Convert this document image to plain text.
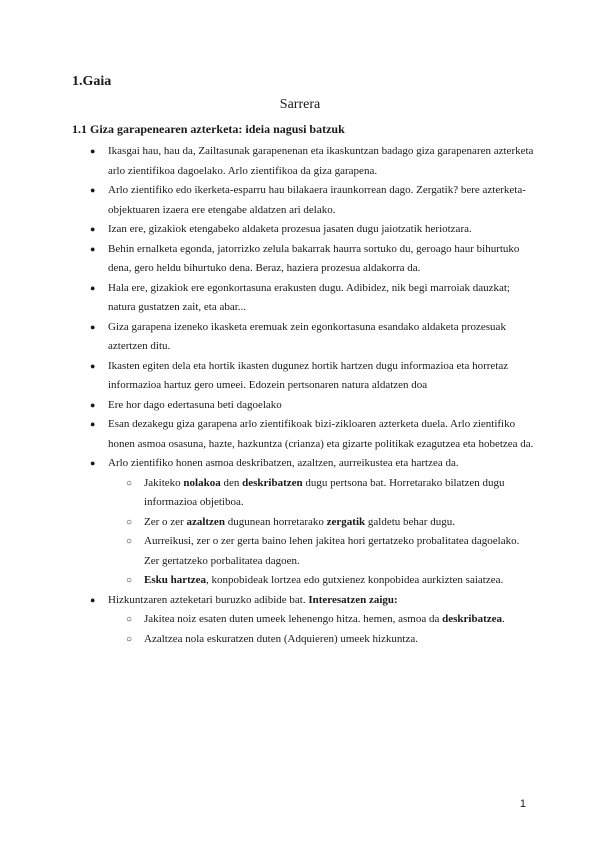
1.Gaia
Sarrera
1.1 Giza garapenearen azterketa: ideia nagusi batzuk
● Ikasgai hau, hau da, Zailtasunak garapenenan eta ikaskuntzan badago giza garapenaren azterketa arlo zientifikoa dagoelako. Arlo zientifikoa da giza garapena.
● Arlo zientifiko edo ikerketa-esparru hau bilakaera iraunkorrean dago. Zergatik? bere azterketa-objektuaren izaera ere etengabe aldatzen ari delako.
● Izan ere, gizakiok etengabeko aldaketa prozesua jasaten dugu jaiotzatik heriotzara.
● Behin ernalketa egonda, jatorrizko zelula bakarrak haurra sortuko du, geroago haur bihurtuko dena, gero heldu bihurtuko dena. Beraz, haziera prozesua aldakorra da.
● Hala ere, gizakiok ere egonkortasuna erakusten dugu. Adibidez, nik begi marroiak dauzkat; natura gustatzen zait, eta abar...
● Giza garapena izeneko ikasketa eremuak zein egonkortasuna esandako aldaketa prozesuak aztertzen ditu.
● Ikasten egiten dela eta hortik ikasten dugunez hortik hartzen dugu informazioa eta horretaz informazioa hartuz gero umeei. Edozein pertsonaren natura aldatzen doa
● Ere hor dago edertasuna beti dagoelako
● Esan dezakegu giza garapena arlo zientifikoak bizi-zikloaren azterketa duela. Arlo zientifiko honen asmoa osasuna, hazte, hazkuntza (crianza) eta gizarte politikak ezagutzea eta hobetzea da.
● Arlo zientifiko honen asmoa deskribatzen, azaltzen, aurreikustea eta hartzea da.
○ Jakiteko nolakoa den deskribatzen dugu pertsona bat. Horretarako bilatzen dugu informazioa objetiboa.
○ Zer o zer azaltzen dugunean horretarako zergatik galdetu behar dugu.
○ Aurreikusi, zer o zer gerta baino lehen jakitea hori gertatzeko probalitatea dagoelako. Zer gertatzeko porbalitatea dagoen.
○ Esku hartzea, konpobideak lortzea edo gutxienez konpobidea aurkizten saiatzea.
● Hizkuntzaren azteketari buruzko adibide bat. Interesatzen zaigu:
○ Jakitea noiz esaten duten umeek lehenengo hitza. hemen, asmoa da deskribatzea.
○ Azaltzea nola eskuratzen duten (Adquieren) umeek hizkuntza.
1
